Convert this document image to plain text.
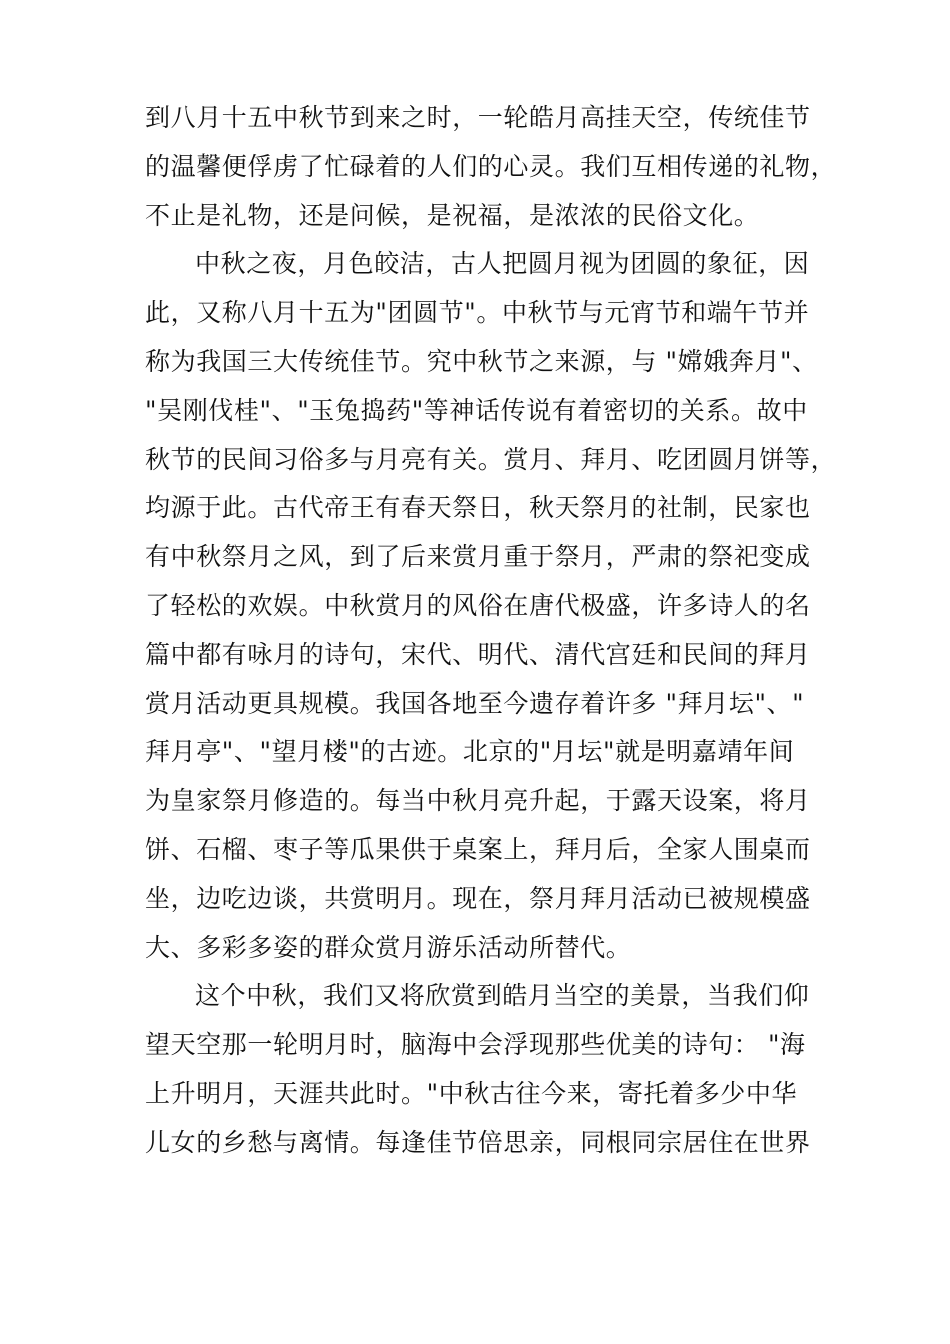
到八月十五中秋节到来之时，一轮皓月高挂天空，传统佳节
的温馨便俘虏了忙碌着的人们的心灵。我们互相传递的礼物，
不止是礼物，还是问候，是祝福，是浓浓的民俗文化。
中秋之夜，月色皎洁，古人把圆月视为团圆的象征，因
此，又称八月十五为"团圆节"。中秋节与元宵节和端午节并
称为我国三大传统佳节。究中秋节之来源，与 "嫦娥奔月"、
"吴刚伐桂"、"玉兔捣药"等神话传说有着密切的关系。故中
秋节的民间习俗多与月亮有关。赏月、拜月、吃团圆月饼等，
均源于此。古代帝王有春天祭日，秋天祭月的社制，民家也
有中秋祭月之风，到了后来赏月重于祭月，严肃的祭祀变成
了轻松的欢娱。中秋赏月的风俗在唐代极盛，许多诗人的名
篇中都有咏月的诗句，宋代、明代、清代宫廷和民间的拜月
赏月活动更具规模。我国各地至今遗存着许多 "拜月坛"、"
拜月亭"、"望月楼"的古迹。北京的"月坛"就是明嘉靖年间
为皇家祭月修造的。每当中秋月亮升起，于露天设案，将月
饼、石榴、枣子等瓜果供于桌案上，拜月后，全家人围桌而
坐，边吃边谈，共赏明月。现在，祭月拜月活动已被规模盛
大、多彩多姿的群众赏月游乐活动所替代。
这个中秋，我们又将欣赏到皓月当空的美景，当我们仰
望天空那一轮明月时，脑海中会浮现那些优美的诗句： "海
上升明月，天涯共此时。"中秋古往今来，寄托着多少中华
儿女的乡愁与离情。每逢佳节倍思亲，同根同宗居住在世界
